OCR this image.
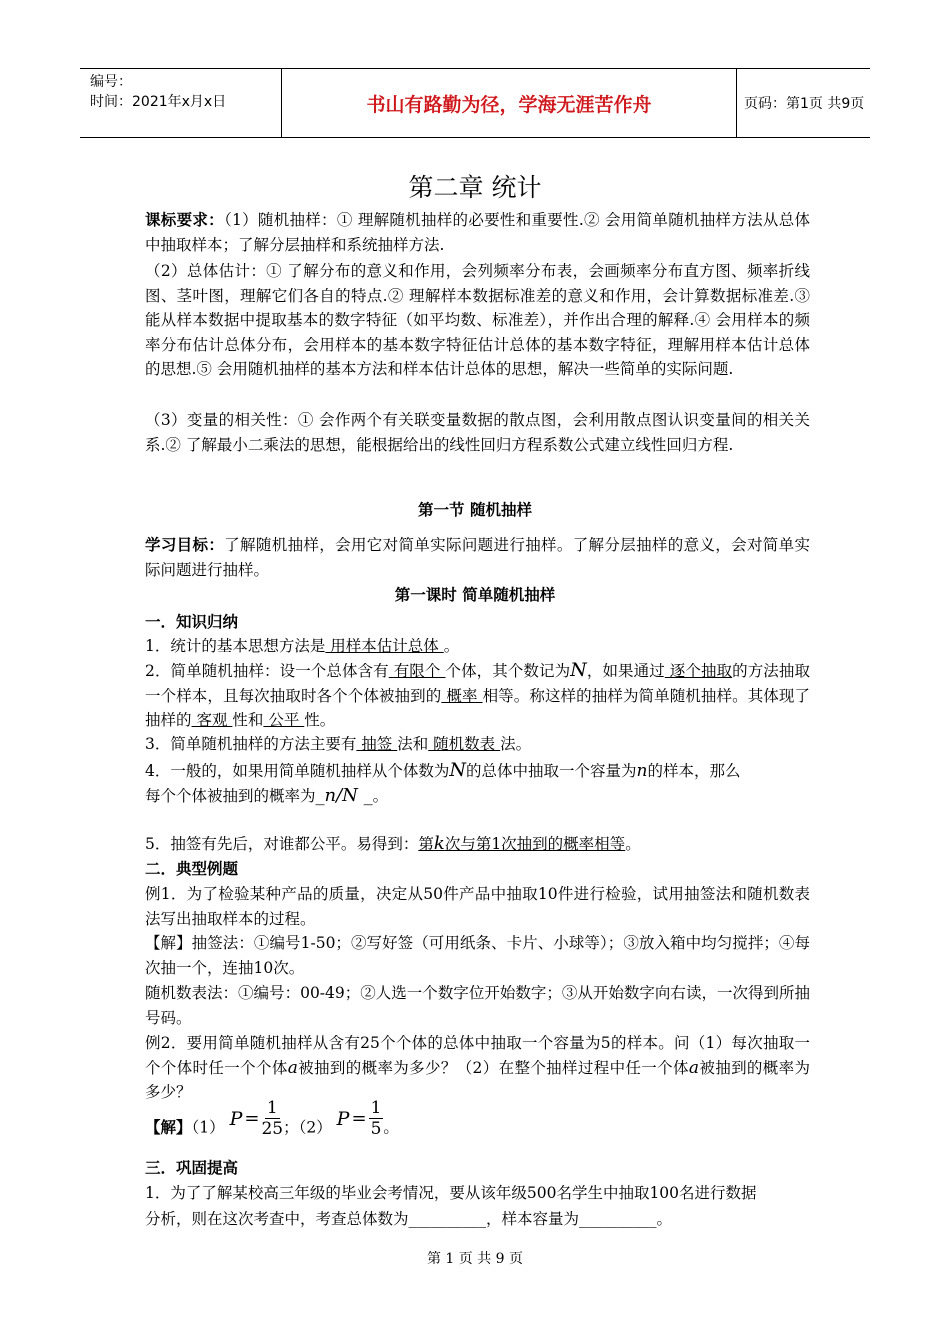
编号：
时间：2021年x月x日	书山有路勤为径，学海无涯苦作舟	页码：第1页 共9页
第二章 统计
课标要求：（1）随机抽样：① 理解随机抽样的必要性和重要性.② 会用简单随机抽样方法从总体中抽取样本；了解分层抽样和系统抽样方法.
（2）总体估计：① 了解分布的意义和作用，会列频率分布表，会画频率分布直方图、频率折线图、茎叶图，理解它们各自的特点.② 理解样本数据标准差的意义和作用，会计算数据标准差.③ 能从样本数据中提取基本的数字特征（如平均数、标准差），并作出合理的解释.④ 会用样本的频率分布估计总体分布，会用样本的基本数字特征估计总体的基本数字特征，理解用样本估计总体的思想.⑤ 会用随机抽样的基本方法和样本估计总体的思想，解决一些简单的实际问题.
（3）变量的相关性：① 会作两个有关联变量数据的散点图，会利用散点图认识变量间的相关关系.② 了解最小二乘法的思想，能根据给出的线性回归方程系数公式建立线性回归方程.
第一节 随机抽样
学习目标：了解随机抽样，会用它对简单实际问题进行抽样。了解分层抽样的意义，会对简单实际问题进行抽样。
第一课时 简单随机抽样
一．知识归纳
1．统计的基本思想方法是 用样本估计总体 。
2．简单随机抽样：设一个总体含有 有限个 个体，其个数记为N，如果通过 逐个抽取的方法抽取一个样本，且每次抽取时各个个体被抽到的 概率 相等。称这样的抽样为简单随机抽样。其体现了抽样的 客观 性和 公平 性。
3．简单随机抽样的方法主要有 抽签 法和 随机数表 法。
4．一般的，如果用简单随机抽样从个体数为N的总体中抽取一个容量为n的样本，那么
每个个体被抽到的概率为_n/N _。
5．抽签有先后，对谁都公平。易得到：第k次与第1次抽到的概率相等。
二．典型例题
例1．为了检验某种产品的质量，决定从50件产品中抽取10件进行检验，试用抽签法和随机数表法写出抽取样本的过程。
【解】抽签法：①编号1-50；②写好签（可用纸条、卡片、小球等）；③放入箱中均匀搅拌；④每次抽一个，连抽10次。
随机数表法：①编号：00-49；②人选一个数字位开始数字；③从开始数字向右读，一次得到所抽号码。
例2．要用简单随机抽样从含有25个个体的总体中抽取一个容量为5的样本。问（1）每次抽取一个个体时任一个个体a被抽到的概率为多少？（2）在整个抽样过程中任一个体a被抽到的概率为多少？
【解】（1） $P = \frac{1}{25}$ ；（2） $P = \frac{1}{5}$ 。
三．巩固提高
1．为了了解某校高三年级的毕业会考情况，要从该年级500名学生中抽取100名进行数据
分析，则在这次考查中，考查总体数为__________，样本容量为__________。
第 1 页 共 9 页
